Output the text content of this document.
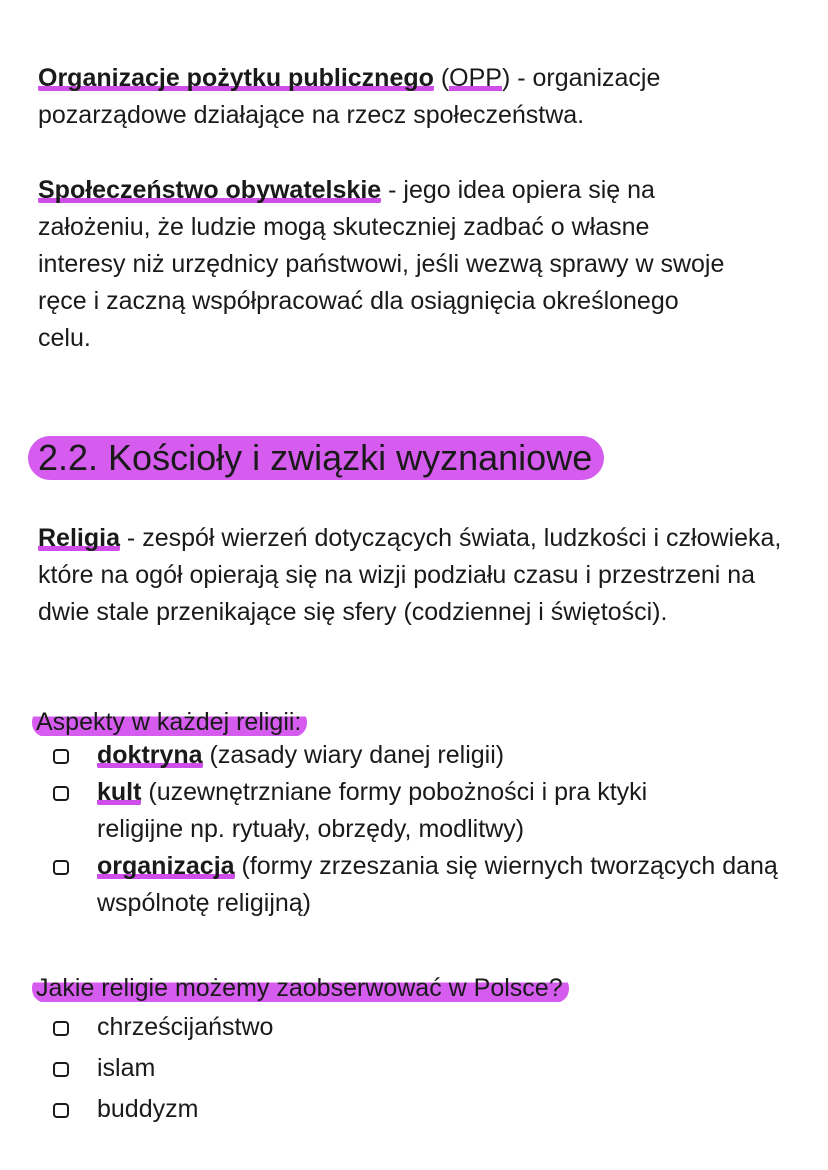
Organizacje pożytku publicznego (OPP) - organizacje pozarządowe działające na rzecz społeczeństwa.

Społeczeństwo obywatelskie - jego idea opiera się na założeniu, że ludzie mogą skuteczniej zadbać o własne interesy niż urzędnicy państwowi, jeśli wezwą sprawy w swoje ręce i zaczną współpracować dla osiągnięcia określonego celu.

2.2. Kościoły i związki wyznaniowe

Religia - zespół wierzeń dotyczących świata, ludzkości i człowieka, które na ogół opierają się na wizji podziału czasu i przestrzeni na dwie stale przenikające się sfery (codziennej i świętości).

Aspekty w każdej religii:
doktryna (zasady wiary danej religii)
kult (uzewnętrzniane formy pobożności i pra ktyki religijne np. rytuały, obrzędy, modlitwy)
organizacja (formy zrzeszania się wiernych tworzących daną wspólnotę religijną)
Jakie religie możemy zaobserwować w Polsce?
chrześcijaństwo
islam
buddyzm
